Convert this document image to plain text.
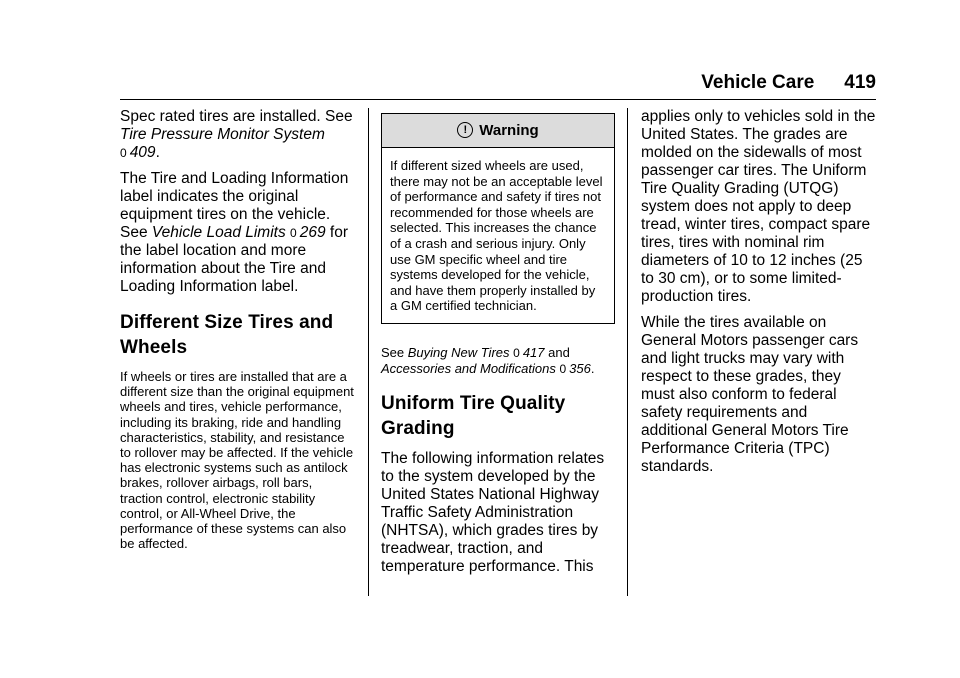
Vehicle Care 419

Spec rated tires are installed. See Tire Pressure Monitor System 0 409.

The Tire and Loading Information label indicates the original equipment tires on the vehicle. See Vehicle Load Limits 0 269 for the label location and more information about the Tire and Loading Information label.

Different Size Tires and Wheels

If wheels or tires are installed that are a different size than the original equipment wheels and tires, vehicle performance, including its braking, ride and handling characteristics, stability, and resistance to rollover may be affected. If the vehicle has electronic systems such as antilock brakes, rollover airbags, roll bars, traction control, electronic stability control, or All-Wheel Drive, the performance of these systems can also be affected.

! Warning
If different sized wheels are used, there may not be an acceptable level of performance and safety if tires not recommended for those wheels are selected. This increases the chance of a crash and serious injury. Only use GM specific wheel and tire systems developed for the vehicle, and have them properly installed by a GM certified technician.

See Buying New Tires 0 417 and Accessories and Modifications 0 356.

Uniform Tire Quality Grading

The following information relates to the system developed by the United States National Highway Traffic Safety Administration (NHTSA), which grades tires by treadwear, traction, and temperature performance. This

applies only to vehicles sold in the United States. The grades are molded on the sidewalls of most passenger car tires. The Uniform Tire Quality Grading (UTQG) system does not apply to deep tread, winter tires, compact spare tires, tires with nominal rim diameters of 10 to 12 inches (25 to 30 cm), or to some limited-production tires.

While the tires available on General Motors passenger cars and light trucks may vary with respect to these grades, they must also conform to federal safety requirements and additional General Motors Tire Performance Criteria (TPC) standards.
